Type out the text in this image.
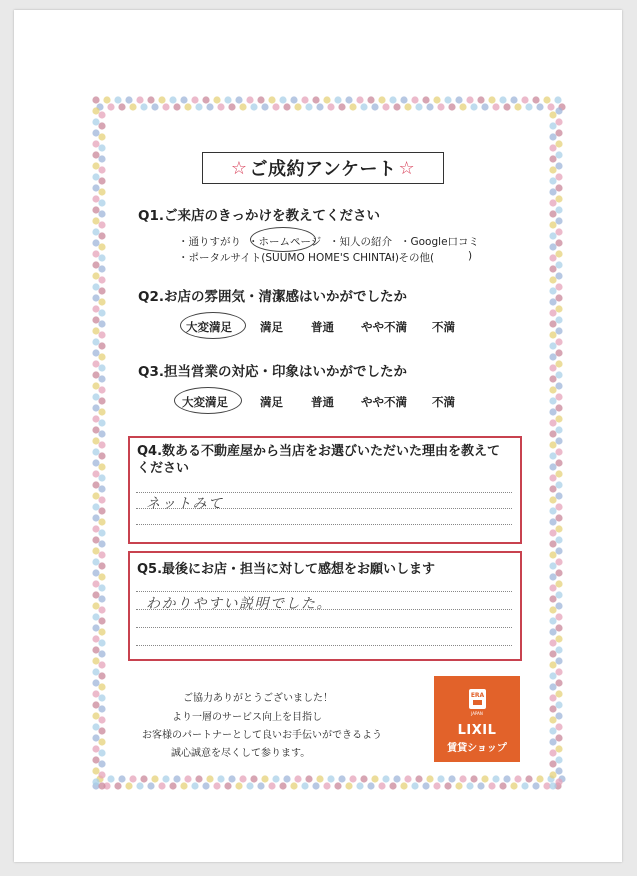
☆ ご成約アンケート ☆
Q1.ご来店のきっかけを教えてください
・通りすがり ・ホームページ ・知人の紹介 ・Google口コミ
・ポータルサイト(SUUMO HOME'S CHINTAI)
・その他(	)
Q2.お店の雰囲気・清潔感はいかがでしたか
大変満足 満足 普通 やや不満 不満
Q3.担当営業の対応・印象はいかがでしたか
大変満足	満足 普通 やや不満 不満
Q4.数ある不動産屋から当店をお選びいただいた理由を教えて
ください
ネットみて
Q5.最後にお店・担当に対して感想をお願いします
わかりやすい説明でした。
ご協力ありがとうございました！
より一層のサービス向上を目指し
お客様のパートナーとして良いお手伝いができるよう
誠心誠意を尽くして参ります。
ERA
JAPAN
LIXIL
賃貸ショップ
